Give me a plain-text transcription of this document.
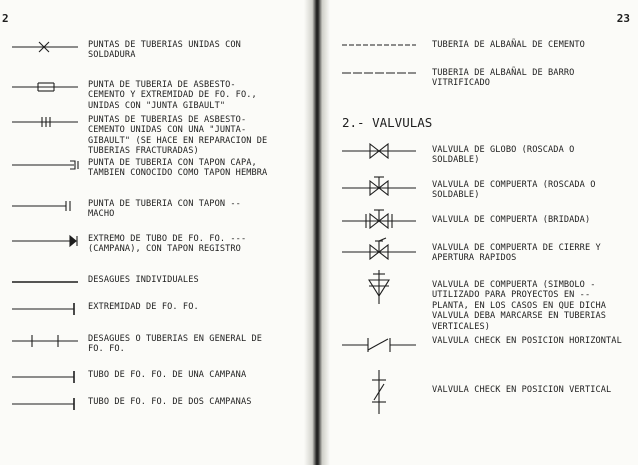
2
PUNTAS DE TUBERIAS UNIDAS CON SOLDADURA
PUNTA DE TUBERIA DE ASBESTO-CEMENTO Y EXTREMIDAD DE FO. FO., UNIDAS CON "JUNTA GIBAULT"
PUNTAS DE TUBERIAS DE ASBESTO-CEMENTO UNIDAS CON UNA "JUNTA-GIBAULT" (SE HACE EN REPARACION DE TUBERIAS FRACTURADAS)
PUNTA DE TUBERIA CON TAPON CAPA, TAMBIEN CONOCIDO COMO TAPON HEMBRA
PUNTA DE TUBERIA CON TAPON -- MACHO
EXTREMO DE TUBO DE FO. FO. --- (CAMPANA), CON TAPON REGISTRO
DESAGUES INDIVIDUALES
EXTREMIDAD DE FO. FO.
DESAGUES O TUBERIAS EN GENERAL DE FO. FO.
TUBO DE FO. FO. DE UNA CAMPANA
TUBO DE FO. FO. DE DOS CAMPANAS
23
TUBERIA DE ALBAÑAL DE CEMENTO
TUBERIA DE ALBAÑAL DE BARRO VITRIFICADO
2.- VALVULAS
VALVULA DE GLOBO (ROSCADA O SOLDABLE)
VALVULA DE COMPUERTA (ROSCADA O SOLDABLE)
VALVULA DE COMPUERTA (BRIDADA)
VALVULA DE COMPUERTA DE CIERRE Y APERTURA RAPIDOS
VALVULA DE COMPUERTA (SIMBOLO -UTILIZADO PARA PROYECTOS EN -- PLANTA, EN LOS CASOS EN QUE DICHA VALVULA DEBA MARCARSE EN TUBERIAS VERTICALES)
VALVULA CHECK EN POSICION HORIZONTAL
VALVULA CHECK EN POSICION VERTICAL
